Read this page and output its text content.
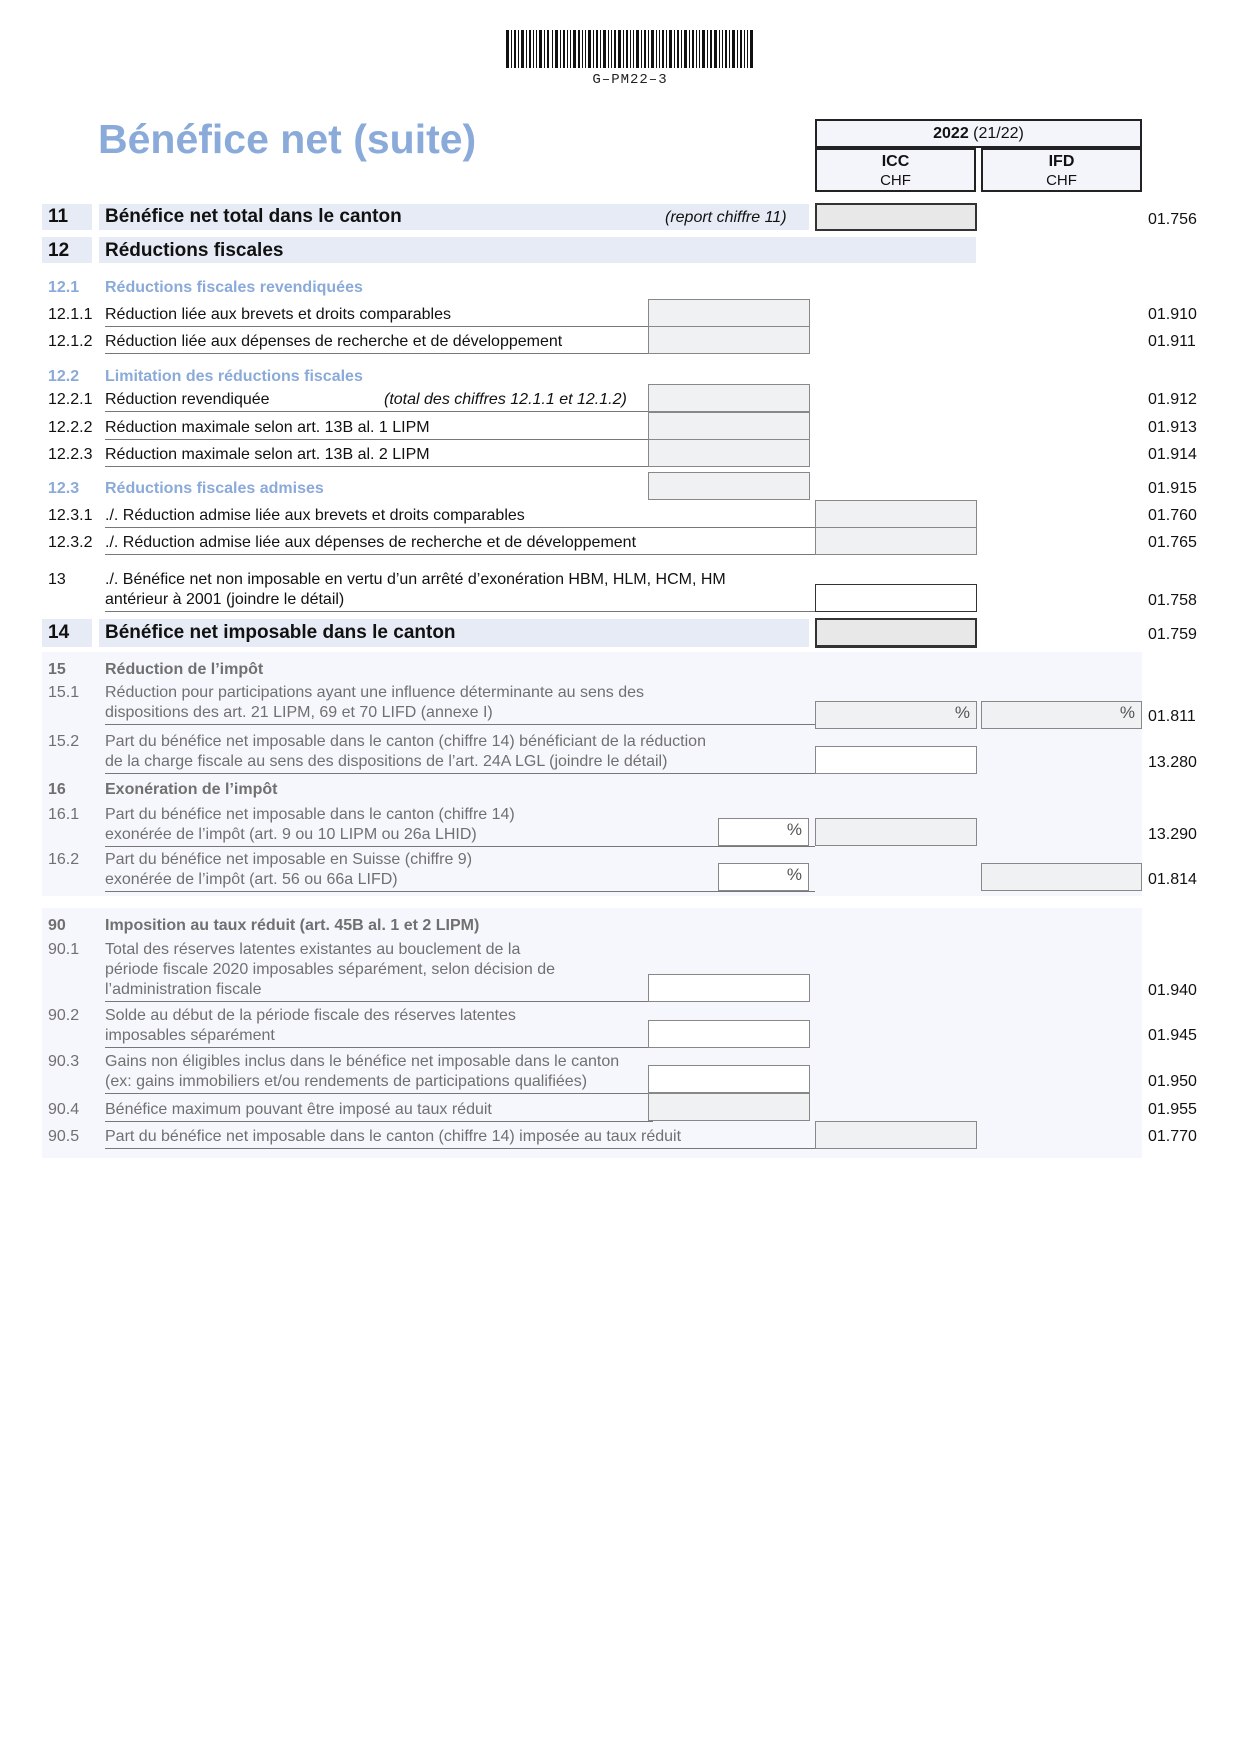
G–PM22–3
Bénéfice net (suite)	2022 (21/22)
ICC
CHF
IFD
CHF
11 Bénéfice net total dans le canton	(report chiffre 11)	01.756
12 Réductions fiscales
12.1 Réductions fiscales revendiquées
12.1.1 Réduction liée aux brevets et droits comparables	01.910
12.1.2 Réduction liée aux dépenses de recherche et de développement	01.911
12.2 Limitation des réductions fiscales
12.2.1 Réduction revendiquée	(total des chiffres 12.1.1 et 12.1.2)	01.912
12.2.2 Réduction maximale selon art. 13B al. 1 LIPM	01.913
12.2.3 Réduction maximale selon art. 13B al. 2 LIPM	01.914
12.3 Réductions fiscales admises	01.915
12.3.1 ./. Réduction admise liée aux brevets et droits comparables	01.760
12.3.2 ./. Réduction admise liée aux dépenses de recherche et de développement	01.765
13 ./. Bénéfice net non imposable en vertu d’un arrêté d’exonération HBM, HLM, HCM, HM
antérieur à 2001 (joindre le détail)	01.758
14 Bénéfice net imposable dans le canton	01.759
15 Réduction de l’impôt
15.1 Réduction pour participations ayant une influence déterminante au sens des
dispositions des art. 21 LIPM, 69 et 70 LIFD (annexe I)	%	% 01.811
15.2 Part du bénéfice net imposable dans le canton (chiffre 14) bénéficiant de la réduction
de la charge fiscale au sens des dispositions de l’art. 24A LGL (joindre le détail)	13.280
16 Exonération de l’impôt
16.1 Part du bénéfice net imposable dans le canton (chiffre 14)
exonérée de l’impôt (art. 9 ou 10 LIPM ou 26a LHID)	%	13.290
16.2 Part du bénéfice net imposable en Suisse (chiffre 9)
exonérée de l’impôt (art. 56 ou 66a LIFD)	%	01.814
90 Imposition au taux réduit (art. 45B al. 1 et 2 LIPM)
90.1 Total des réserves latentes existantes au bouclement de la
période fiscale 2020 imposables séparément, selon décision de
l’administration fiscale	01.940
90.2 Solde au début de la période fiscale des réserves latentes
imposables séparément	01.945
90.3 Gains non éligibles inclus dans le bénéfice net imposable dans le canton
(ex: gains immobiliers et/ou rendements de participations qualifiées)	01.950
90.4 Bénéfice maximum pouvant être imposé au taux réduit	01.955
90.5 Part du bénéfice net imposable dans le canton (chiffre 14) imposée au taux réduit	01.770
